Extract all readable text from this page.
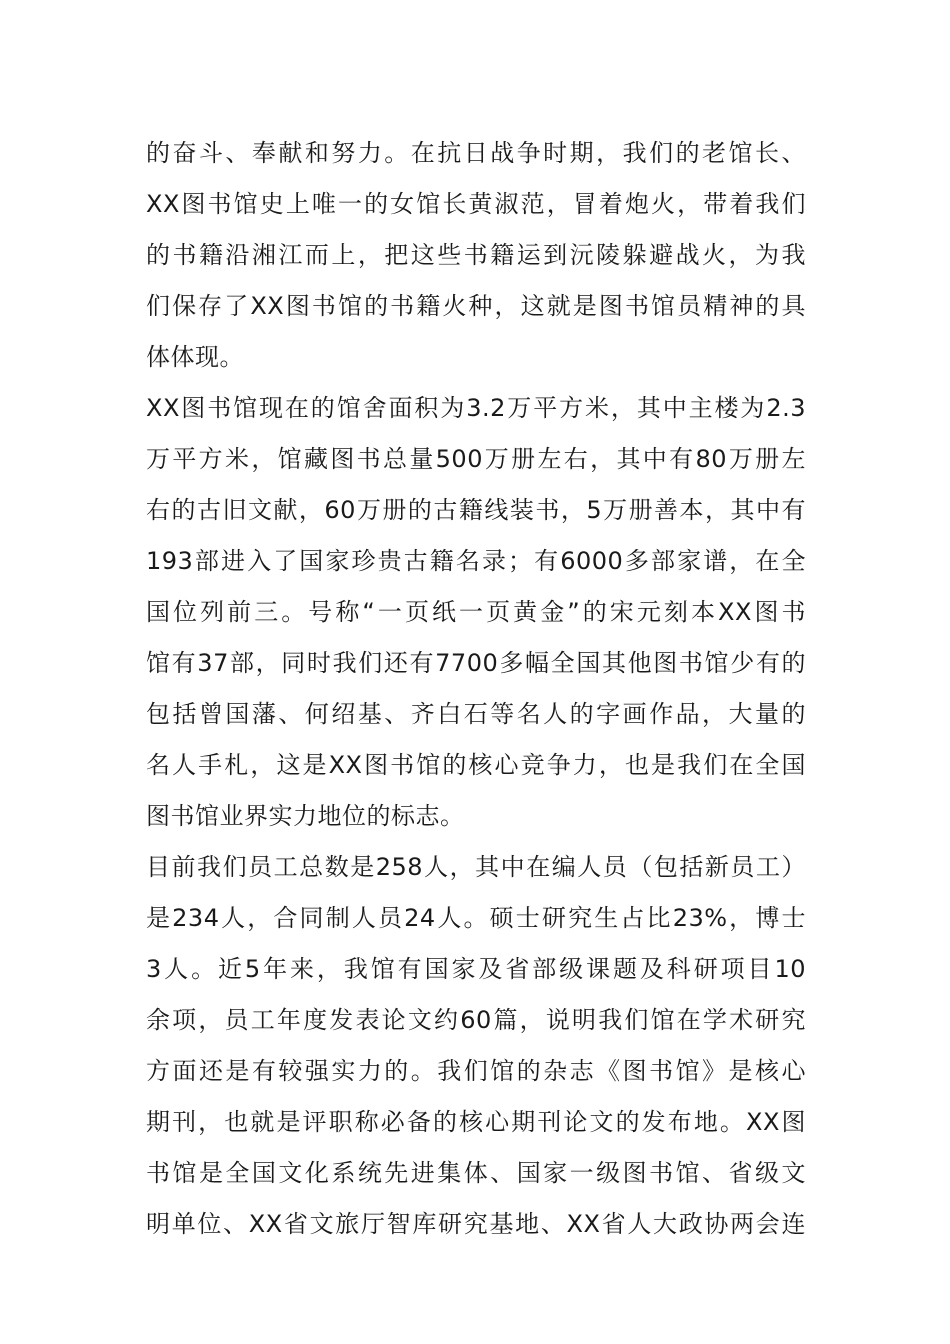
的奋斗、奉献和努力。在抗日战争时期，我们的老馆长、
XX图书馆史上唯一的女馆长黄淑范，冒着炮火，带着我们
的书籍沿湘江而上，把这些书籍运到沅陵躲避战火，为我
们保存了XX图书馆的书籍火种，这就是图书馆员精神的具
体体现。
XX图书馆现在的馆舍面积为3.2万平方米，其中主楼为2.3
万平方米，馆藏图书总量500万册左右，其中有80万册左
右的古旧文献，60万册的古籍线装书，5万册善本，其中有
193部进入了国家珍贵古籍名录；有6000多部家谱，在全
国位列前三。号称“一页纸一页黄金”的宋元刻本XX图书
馆有37部，同时我们还有7700多幅全国其他图书馆少有的
包括曾国藩、何绍基、齐白石等名人的字画作品，大量的
名人手札，这是XX图书馆的核心竞争力，也是我们在全国
图书馆业界实力地位的标志。
目前我们员工总数是258人，其中在编人员（包括新员工）
是234人，合同制人员24人。硕士研究生占比23%，博士
3人。近5年来，我馆有国家及省部级课题及科研项目10
余项，员工年度发表论文约60篇，说明我们馆在学术研究
方面还是有较强实力的。我们馆的杂志《图书馆》是核心
期刊，也就是评职称必备的核心期刊论文的发布地。XX图
书馆是全国文化系统先进集体、国家一级图书馆、省级文
明单位、XX省文旅厅智库研究基地、XX省人大政协两会连
